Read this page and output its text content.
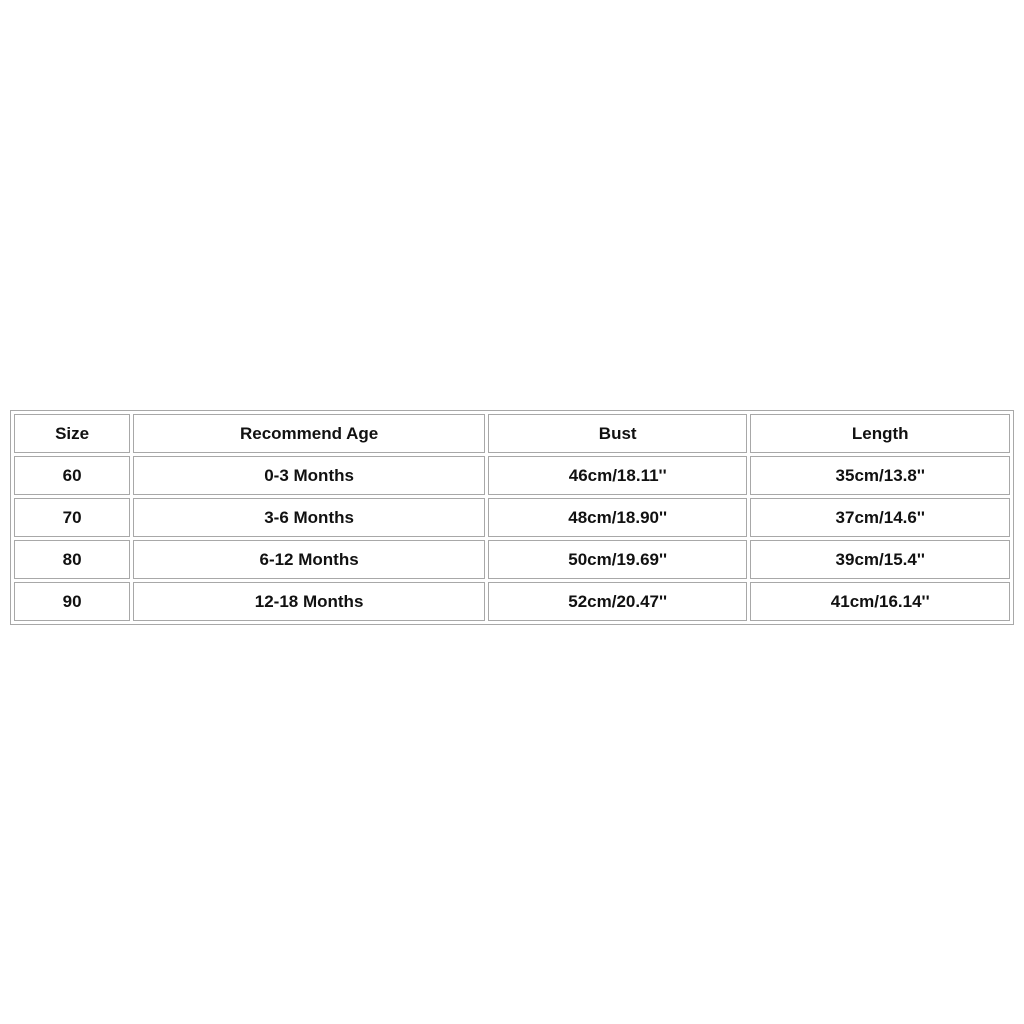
Size	Recommend Age	Bust	Length
60	0-3 Months	46cm/18.11''	35cm/13.8''
70	3-6 Months	48cm/18.90''	37cm/14.6''
80	6-12 Months	50cm/19.69''	39cm/15.4''
90	12-18 Months	52cm/20.47''	41cm/16.14''
